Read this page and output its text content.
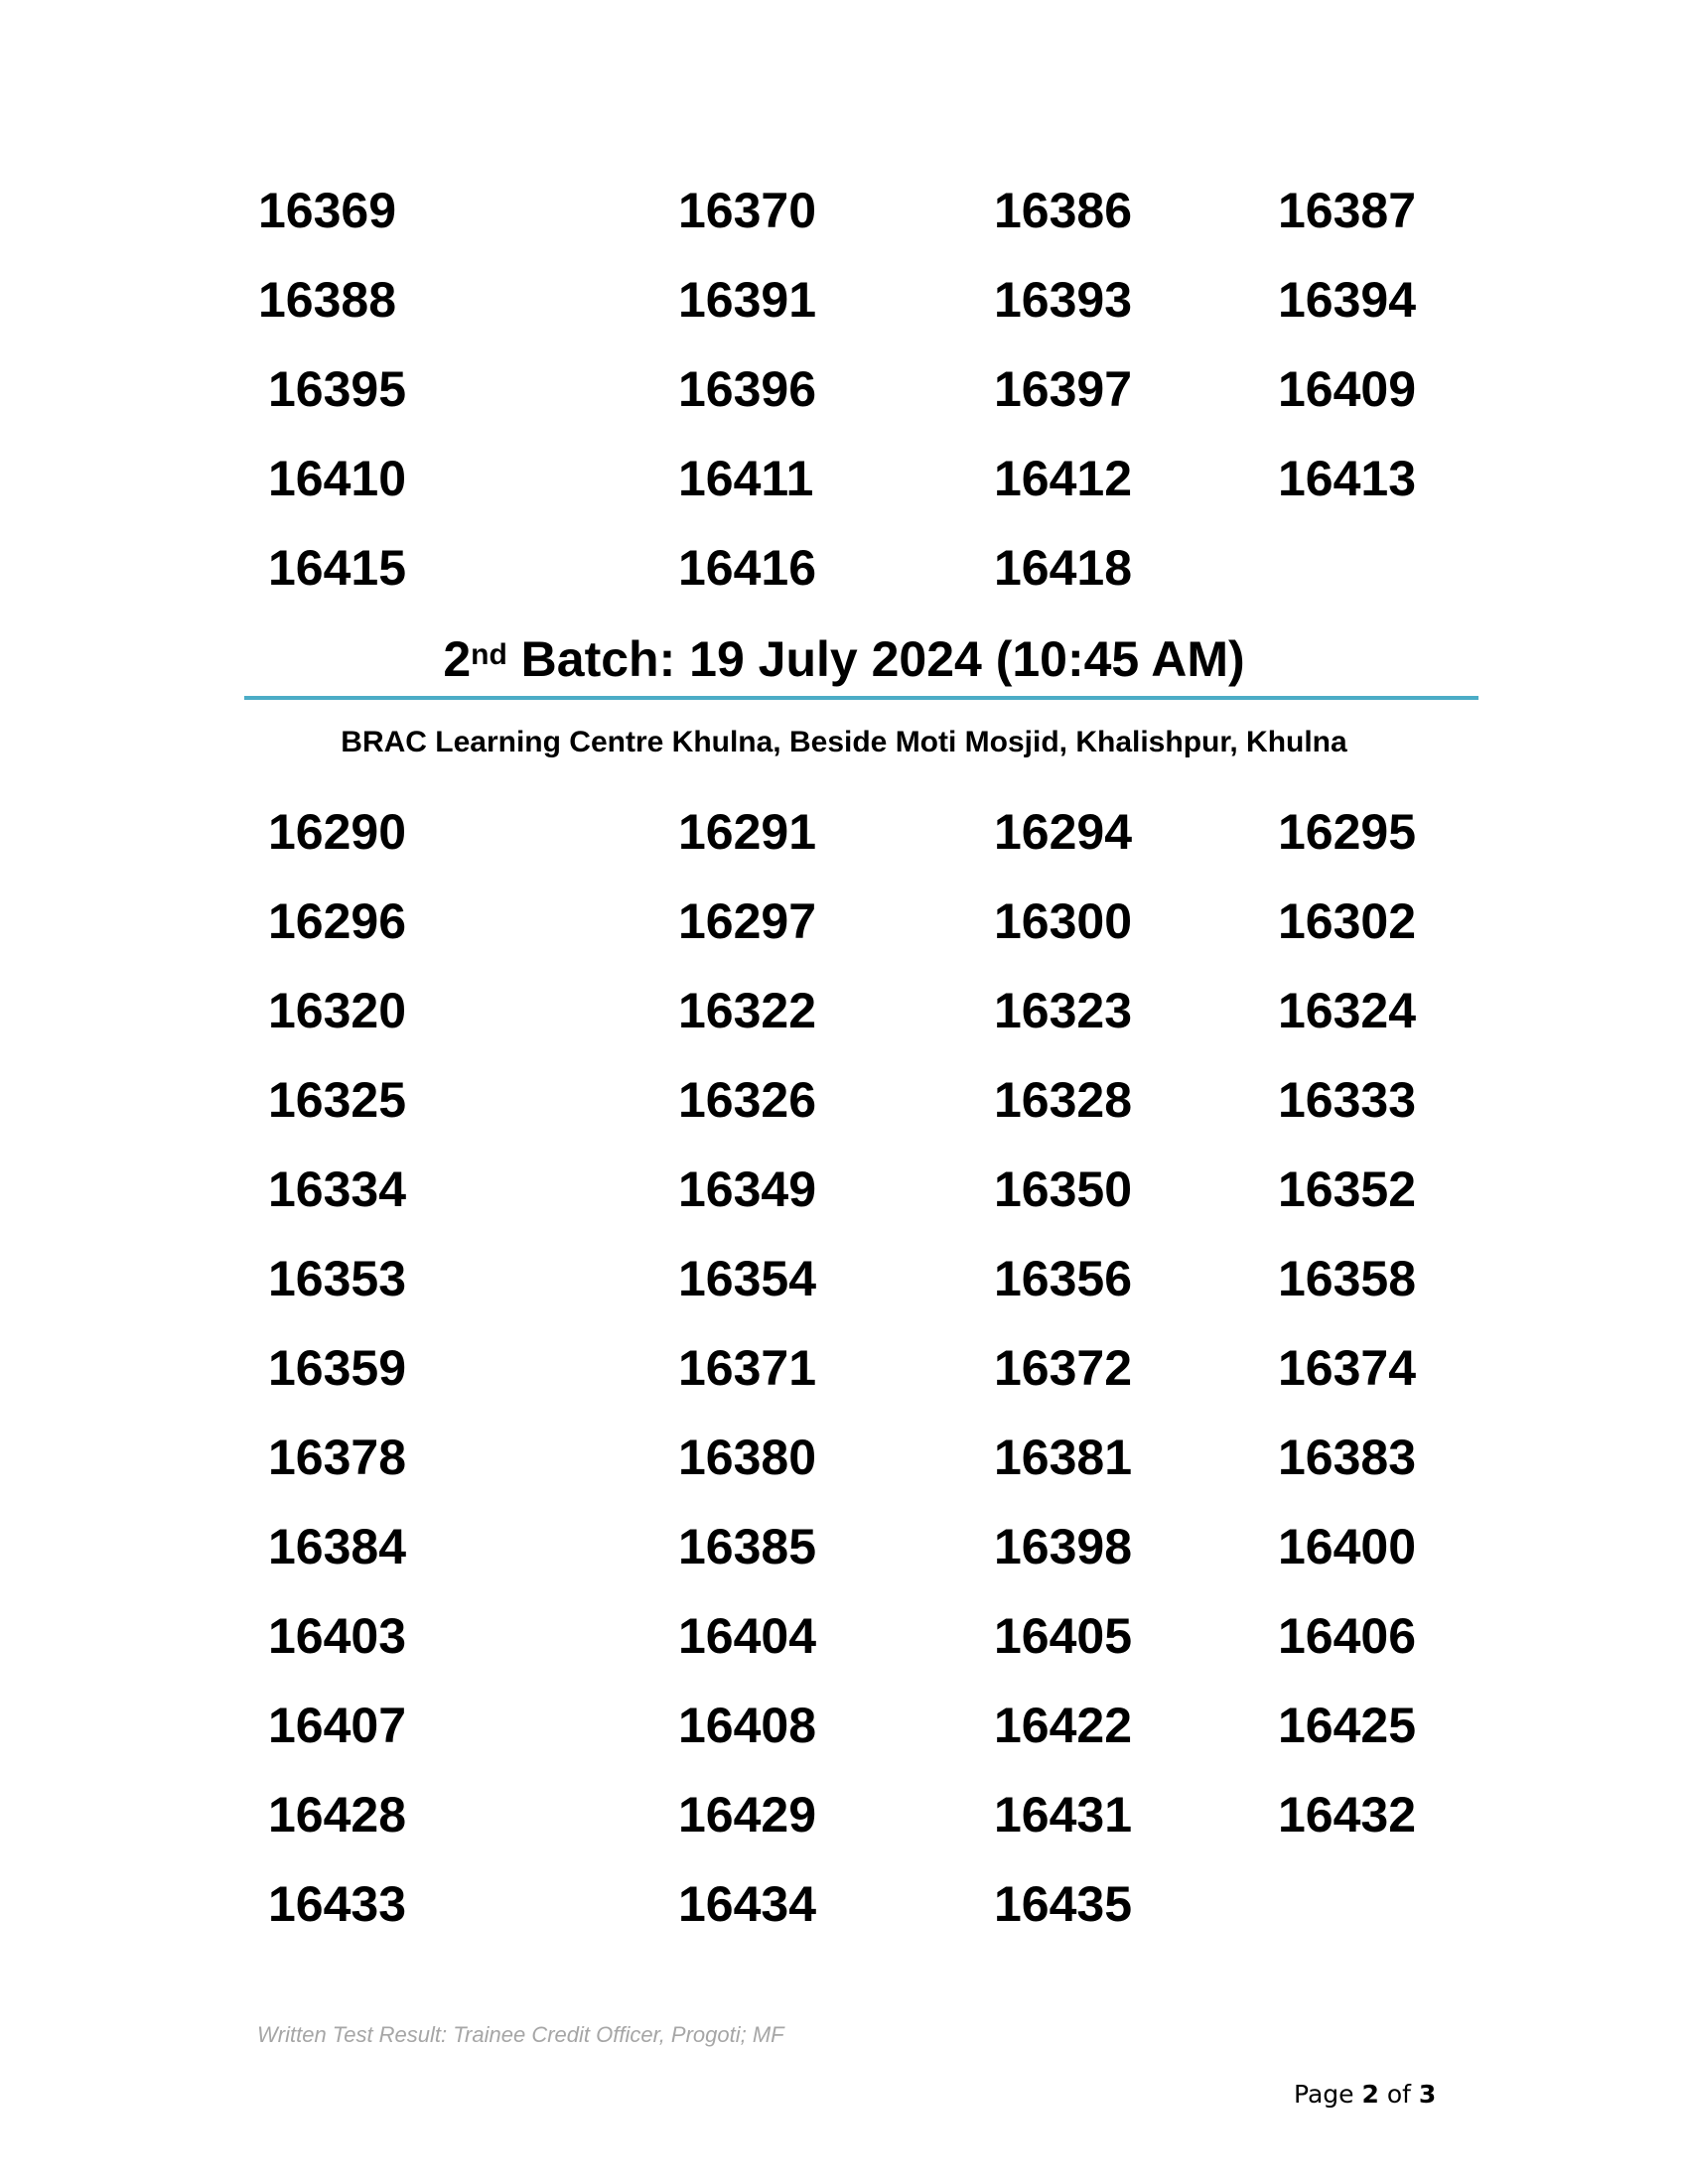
16369	16370	16386	16387
16388	16391	16393	16394
16395	16396	16397	16409
16410	16411	16412	16413
16415	16416	16418
2nd Batch: 19 July 2024 (10:45 AM)
BRAC Learning Centre Khulna, Beside Moti Mosjid, Khalishpur, Khulna
16290	16291	16294	16295
16296	16297	16300	16302
16320	16322	16323	16324
16325	16326	16328	16333
16334	16349	16350	16352
16353	16354	16356	16358
16359	16371	16372	16374
16378	16380	16381	16383
16384	16385	16398	16400
16403	16404	16405	16406
16407	16408	16422	16425
16428	16429	16431	16432
16433	16434	16435
Written Test Result: Trainee Credit Officer, Progoti; MF
Page 2 of 3
